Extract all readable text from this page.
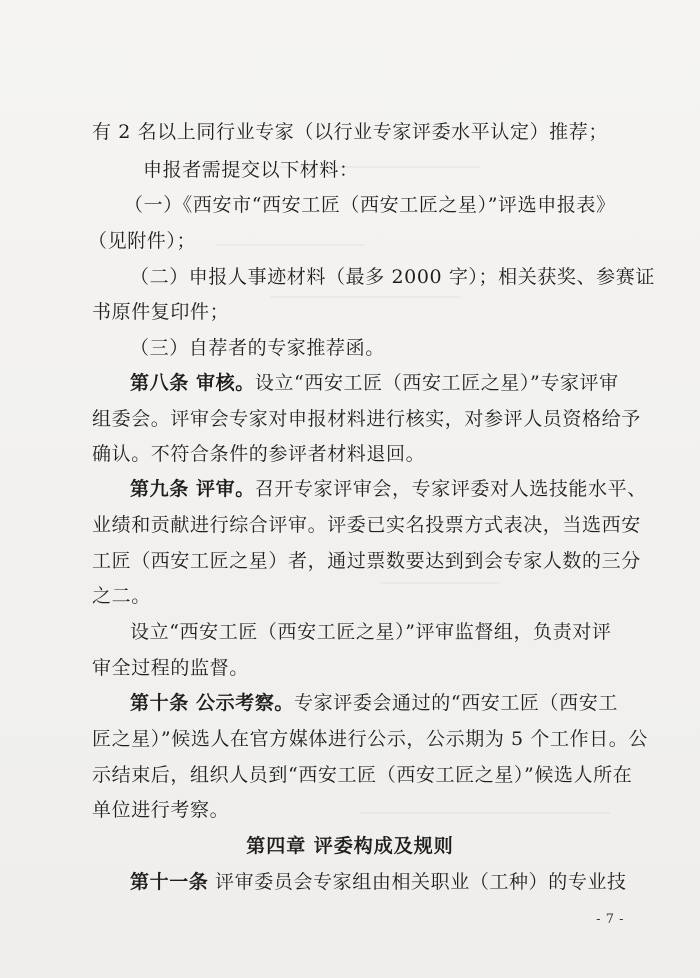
有 2 名以上同行业专家（以行业专家评委水平认定）推荐；
申报者需提交以下材料：
（一）《西安市“西安工匠（西安工匠之星）”评选申报表》
（见附件）；
（二）申报人事迹材料（最多 2000 字）；相关获奖、参赛证
书原件复印件；
（三）自荐者的专家推荐函。
第八条 审核。设立“西安工匠（西安工匠之星）”专家评审
组委会。评审会专家对申报材料进行核实，对参评人员资格给予
确认。不符合条件的参评者材料退回。
第九条 评审。召开专家评审会，专家评委对人选技能水平、
业绩和贡献进行综合评审。评委已实名投票方式表决，当选西安
工匠（西安工匠之星）者，通过票数要达到到会专家人数的三分
之二。
设立“西安工匠（西安工匠之星）”评审监督组，负责对评
审全过程的监督。
第十条 公示考察。专家评委会通过的“西安工匠（西安工
匠之星）”候选人在官方媒体进行公示，公示期为 5 个工作日。公
示结束后，组织人员到“西安工匠（西安工匠之星）”候选人所在
单位进行考察。
第四章 评委构成及规则
- 7 -
第十一条 评审委员会专家组由相关职业（工种）的专业技
